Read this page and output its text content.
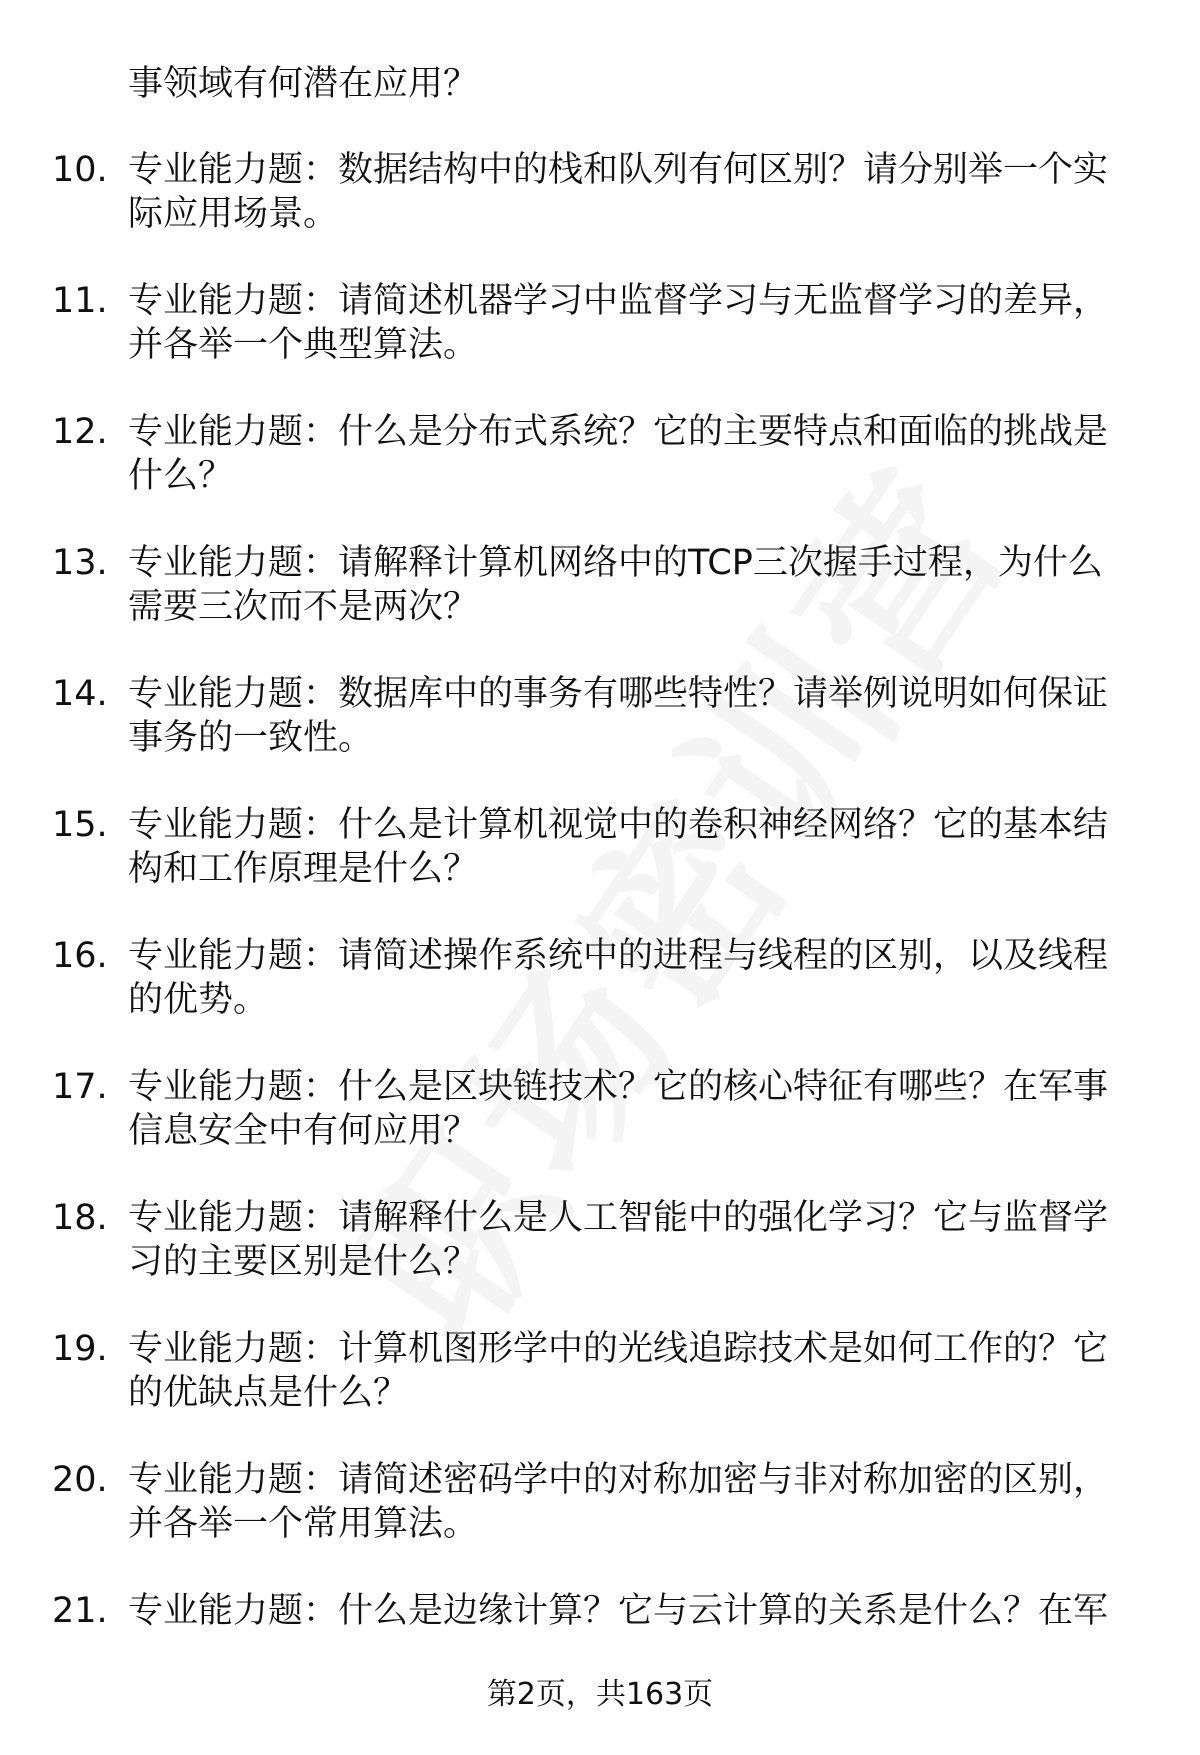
事领域有何潜在应用？

10. 专业能力题：数据结构中的栈和队列有何区别？请分别举一个实
际应用场景。

11. 专业能力题：请简述机器学习中监督学习与无监督学习的差异，
并各举一个典型算法。

12. 专业能力题：什么是分布式系统？它的主要特点和面临的挑战是
什么？

13. 专业能力题：请解释计算机网络中的TCP三次握手过程，为什么
需要三次而不是两次？

14. 专业能力题：数据库中的事务有哪些特性？请举例说明如何保证
事务的一致性。

15. 专业能力题：什么是计算机视觉中的卷积神经网络？它的基本结
构和工作原理是什么？

16. 专业能力题：请简述操作系统中的进程与线程的区别，以及线程
的优势。

17. 专业能力题：什么是区块链技术？它的核心特征有哪些？在军事
信息安全中有何应用？

18. 专业能力题：请解释什么是人工智能中的强化学习？它与监督学
习的主要区别是什么？

19. 专业能力题：计算机图形学中的光线追踪技术是如何工作的？它
的优缺点是什么？

20. 专业能力题：请简述密码学中的对称加密与非对称加密的区别，
并各举一个常用算法。

21. 专业能力题：什么是边缘计算？它与云计算的关系是什么？在军

第2页，共163页
